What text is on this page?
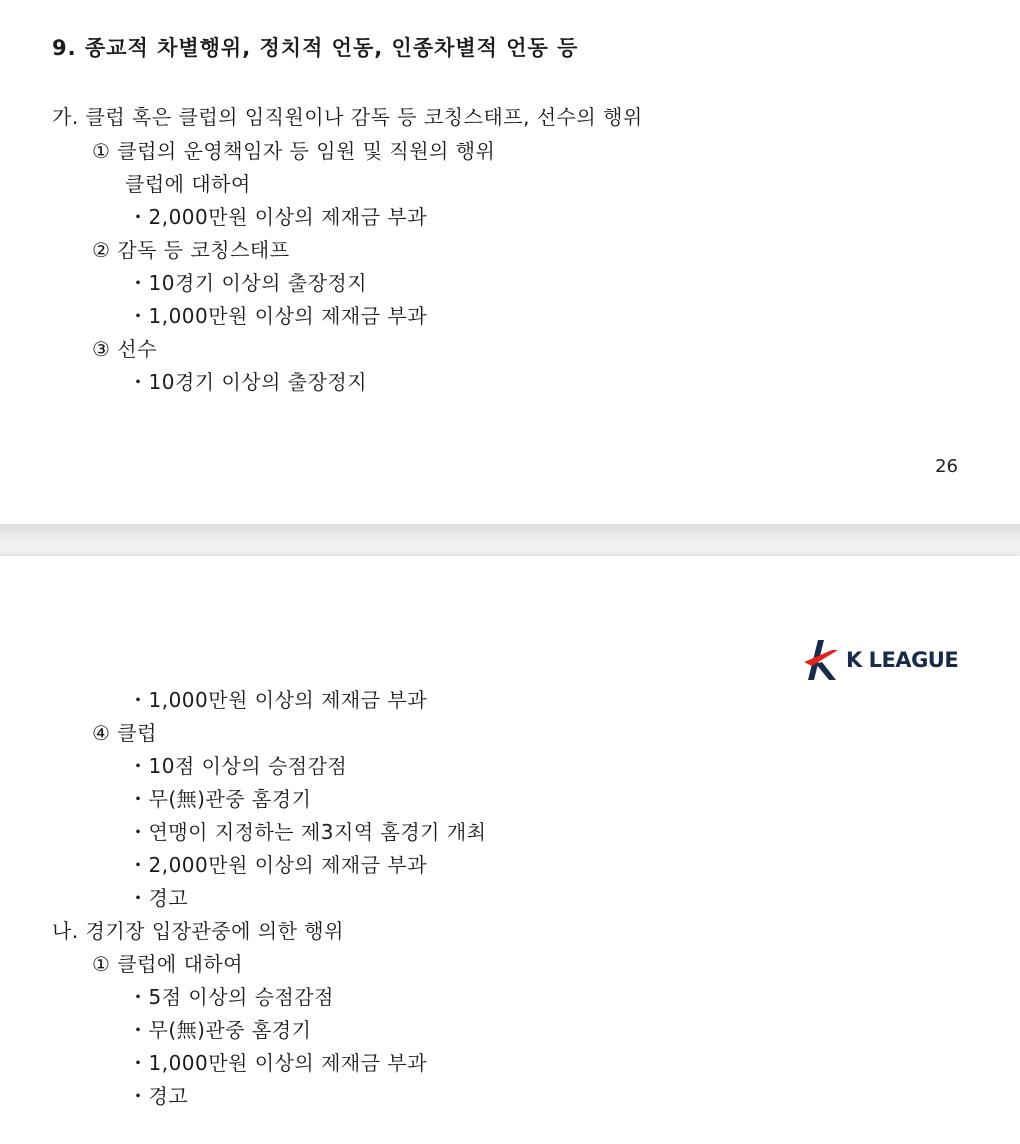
9. 종교적 차별행위, 정치적 언동, 인종차별적 언동 등
가. 클럽 혹은 클럽의 임직원이나 감독 등 코칭스태프, 선수의 행위
① 클럽의 운영책임자 등 임원 및 직원의 행위
클럽에 대하여
・2,000만원 이상의 제재금 부과
② 감독 등 코칭스태프
・10경기 이상의 출장정지
・1,000만원 이상의 제재금 부과
③ 선수
・10경기 이상의 출장정지
26
K LEAGUE
・1,000만원 이상의 제재금 부과
④ 클럽
・10점 이상의 승점감점
・무(無)관중 홈경기
・연맹이 지정하는 제3지역 홈경기 개최
・2,000만원 이상의 제재금 부과
・경고
나. 경기장 입장관중에 의한 행위
① 클럽에 대하여
・5점 이상의 승점감점
・무(無)관중 홈경기
・1,000만원 이상의 제재금 부과
・경고
